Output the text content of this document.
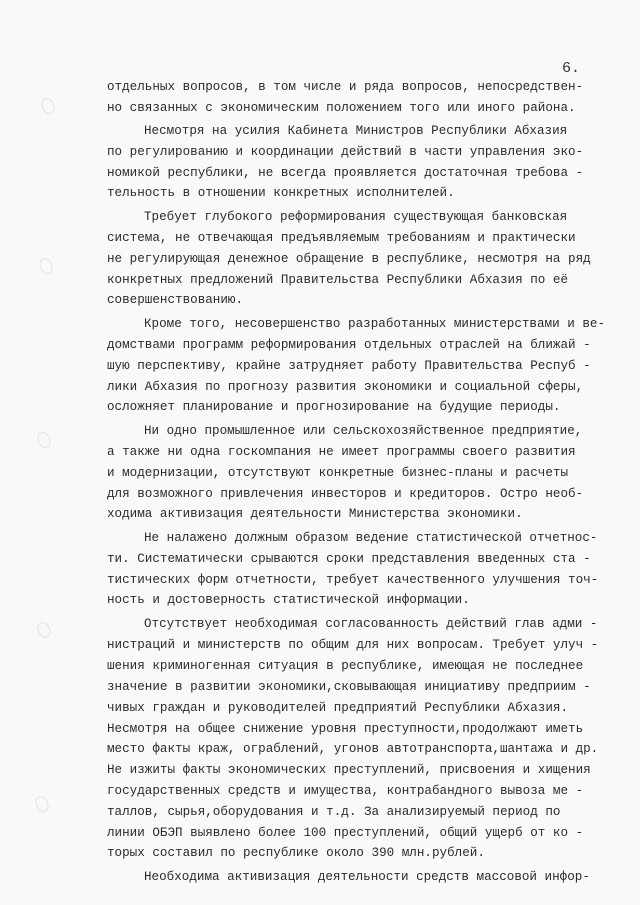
6.
отдельных вопросов, в том числе и ряда вопросов, непосредствен-
но связанных с экономическим положением того или иного района.
Несмотря на усилия Кабинета Министров Республики Абхазия
по регулированию и координации действий в части управления эко-
номикой республики, не всегда проявляется достаточная требова -
тельность в отношении конкретных исполнителей.
Требует глубокого реформирования существующая банковская
система, не отвечающая предъявляемым требованиям и практически
не регулирующая денежное обращение в республике, несмотря на ряд
конкретных предложений Правительства Республики Абхазия по её
совершенствованию.
Кроме того, несовершенство разработанных министерствами и ве-
домствами программ реформирования отдельных отраслей на ближай -
шую перспективу, крайне затрудняет работу Правительства Респуб -
лики Абхазия по прогнозу развития экономики и социальной сферы,
осложняет планирование и прогнозирование на будущие периоды.
Ни одно промышленное или сельскохозяйственное предприятие,
а также ни одна госкомпания не имеет программы своего развития
и модернизации, отсутствуют конкретные бизнес-планы и расчеты
для возможного привлечения инвесторов и кредиторов. Остро необ-
ходима активизация деятельности Министерства экономики.
Не налажено должным образом ведение статистической отчетнос-
ти. Систематически срываются сроки представления введенных ста -
тистических форм отчетности, требует качественного улучшения точ-
ность и достоверность статистической информации.
Отсутствует необходимая согласованность действий глав адми -
нистраций и министерств по общим для них вопросам. Требует улуч -
шения криминогенная ситуация в республике, имеющая не последнее
значение в развитии экономики,сковывающая инициативу предприим -
чивых граждан и руководителей предприятий Республики Абхазия.
Несмотря на общее снижение уровня преступности,продолжают иметь
место факты краж, ограблений, угонов автотранспорта,шантажа и др.
Не изжиты факты экономических преступлений, присвоения и хищения
государственных средств и имущества, контрабандного вывоза ме -
таллов, сырья,оборудования и т.д. За анализируемый период по
линии ОБЭП выявлено более 100 преступлений, общий ущерб от ко -
торых составил по республике около 390 млн.рублей.
Необходима активизация деятельности средств массовой инфор-
